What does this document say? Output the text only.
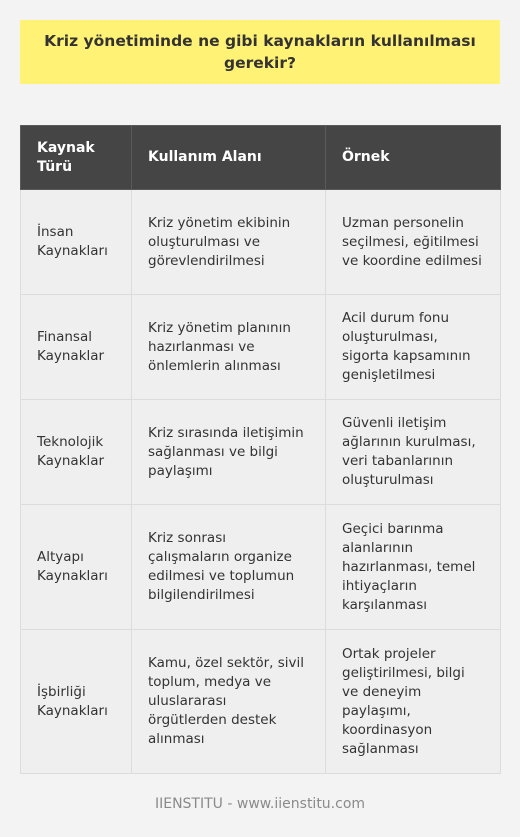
Kriz yönetiminde ne gibi kaynakların kullanılması gerekir?
Kaynak Türü	Kullanım Alanı	Örnek
İnsan Kaynakları	Kriz yönetim ekibinin oluşturulması ve görevlendirilmesi	Uzman personelin seçilmesi, eğitilmesi ve koordine edilmesi
Finansal Kaynaklar	Kriz yönetim planının hazırlanması ve önlemlerin alınması	Acil durum fonu oluşturulması, sigorta kapsamının genişletilmesi
Teknolojik Kaynaklar	Kriz sırasında iletişimin sağlanması ve bilgi paylaşımı	Güvenli iletişim ağlarının kurulması, veri tabanlarının oluşturulması
Altyapı Kaynakları	Kriz sonrası çalışmaların organize edilmesi ve toplumun bilgilendirilmesi	Geçici barınma alanlarının hazırlanması, temel ihtiyaçların karşılanması
İşbirliği Kaynakları	Kamu, özel sektör, sivil toplum, medya ve uluslararası örgütlerden destek alınması	Ortak projeler geliştirilmesi, bilgi ve deneyim paylaşımı, koordinasyon sağlanması
IIENSTITU - www.iienstitu.com
